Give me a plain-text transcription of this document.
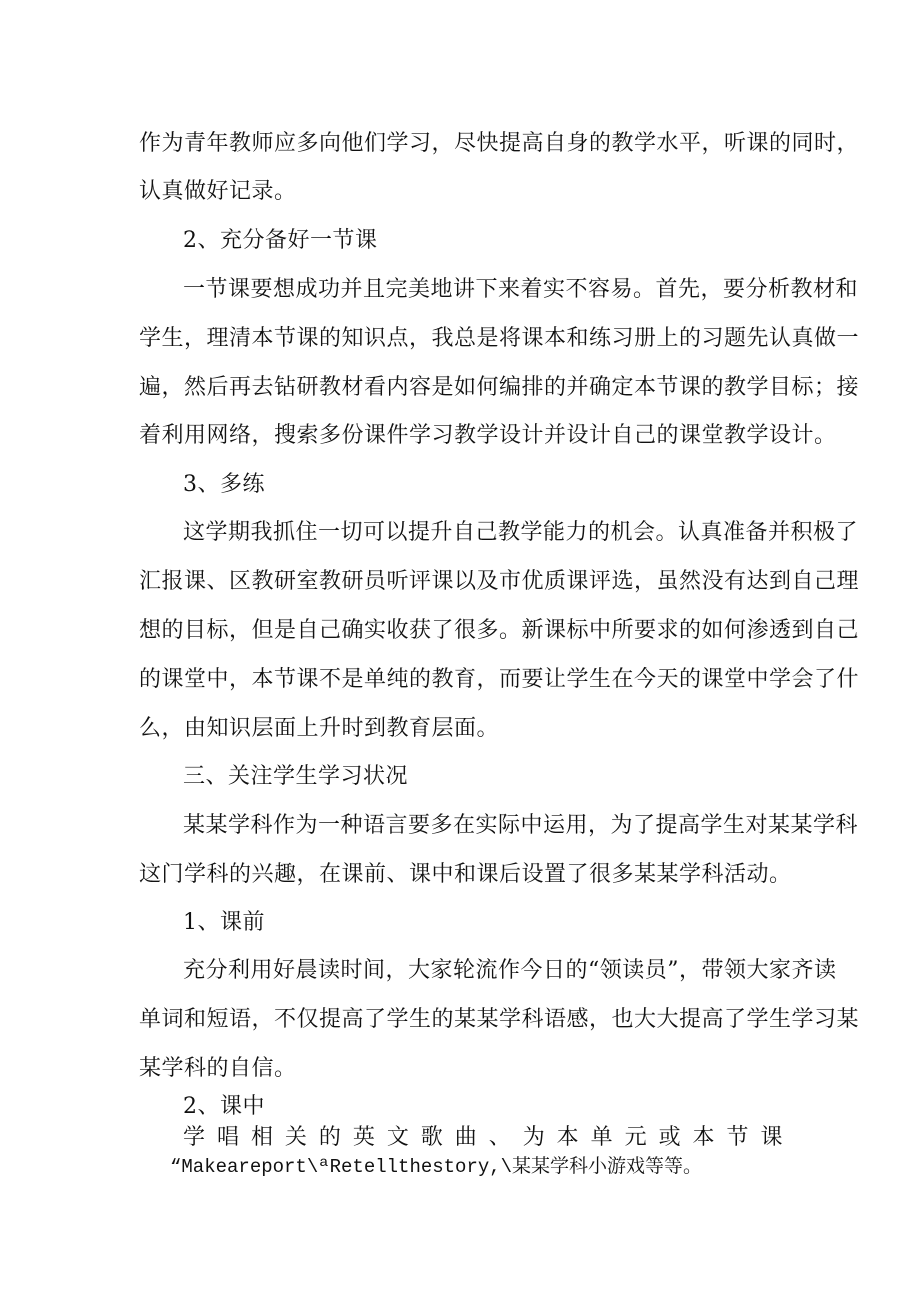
作为青年教师应多向他们学习，尽快提高自身的教学水平，听课的同时，
认真做好记录。
2、充分备好一节课
一节课要想成功并且完美地讲下来着实不容易。首先，要分析教材和
学生，理清本节课的知识点，我总是将课本和练习册上的习题先认真做一
遍，然后再去钻研教材看内容是如何编排的并确定本节课的教学目标；接
着利用网络，搜索多份课件学习教学设计并设计自己的课堂教学设计。
3、多练
这学期我抓住一切可以提升自己教学能力的机会。认真准备并积极了
汇报课、区教研室教研员听评课以及市优质课评选，虽然没有达到自己理
想的目标，但是自己确实收获了很多。新课标中所要求的如何渗透到自己
的课堂中，本节课不是单纯的教育，而要让学生在今天的课堂中学会了什
么，由知识层面上升时到教育层面。
三、关注学生学习状况
某某学科作为一种语言要多在实际中运用，为了提高学生对某某学科
这门学科的兴趣，在课前、课中和课后设置了很多某某学科活动。
1、课前
充分利用好晨读时间，大家轮流作今日的“领读员”，带领大家齐读
单词和短语，不仅提高了学生的某某学科语感，也大大提高了学生学习某
某学科的自信。
2、课中
学唱相关的英文歌曲、为本单元或本节课
“Makeareport\ªRetellthestory,\某某学科小游戏等等。
